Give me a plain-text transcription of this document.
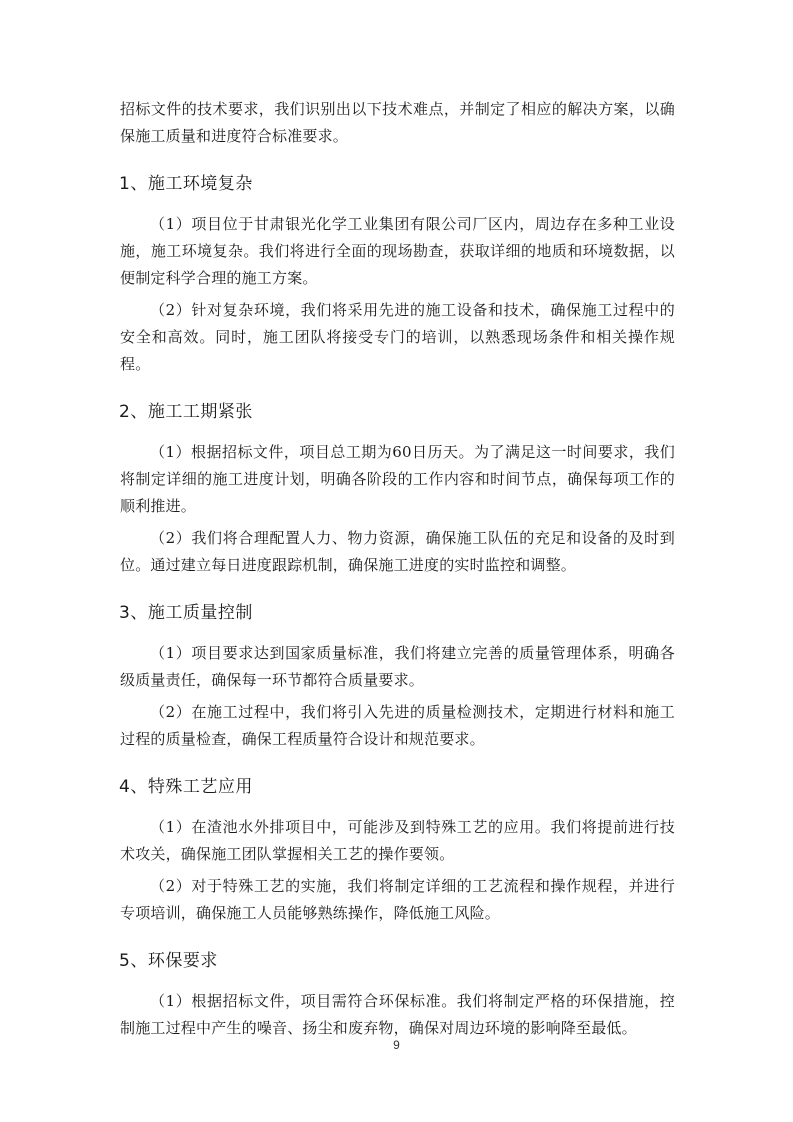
招标文件的技术要求，我们识别出以下技术难点，并制定了相应的解决方案，以确保施工质量和进度符合标准要求。

1、施工环境复杂

（1）项目位于甘肃银光化学工业集团有限公司厂区内，周边存在多种工业设施，施工环境复杂。我们将进行全面的现场勘查，获取详细的地质和环境数据，以便制定科学合理的施工方案。

（2）针对复杂环境，我们将采用先进的施工设备和技术，确保施工过程中的安全和高效。同时，施工团队将接受专门的培训，以熟悉现场条件和相关操作规程。

2、施工工期紧张

（1）根据招标文件，项目总工期为60日历天。为了满足这一时间要求，我们将制定详细的施工进度计划，明确各阶段的工作内容和时间节点，确保每项工作的顺利推进。

（2）我们将合理配置人力、物力资源，确保施工队伍的充足和设备的及时到位。通过建立每日进度跟踪机制，确保施工进度的实时监控和调整。

3、施工质量控制

（1）项目要求达到国家质量标准，我们将建立完善的质量管理体系，明确各级质量责任，确保每一环节都符合质量要求。

（2）在施工过程中，我们将引入先进的质量检测技术，定期进行材料和施工过程的质量检查，确保工程质量符合设计和规范要求。

4、特殊工艺应用

（1）在渣池水外排项目中，可能涉及到特殊工艺的应用。我们将提前进行技术攻关，确保施工团队掌握相关工艺的操作要领。

（2）对于特殊工艺的实施，我们将制定详细的工艺流程和操作规程，并进行专项培训，确保施工人员能够熟练操作，降低施工风险。

5、环保要求

（1）根据招标文件，项目需符合环保标准。我们将制定严格的环保措施，控制施工过程中产生的噪音、扬尘和废弃物，确保对周边环境的影响降至最低。

9
